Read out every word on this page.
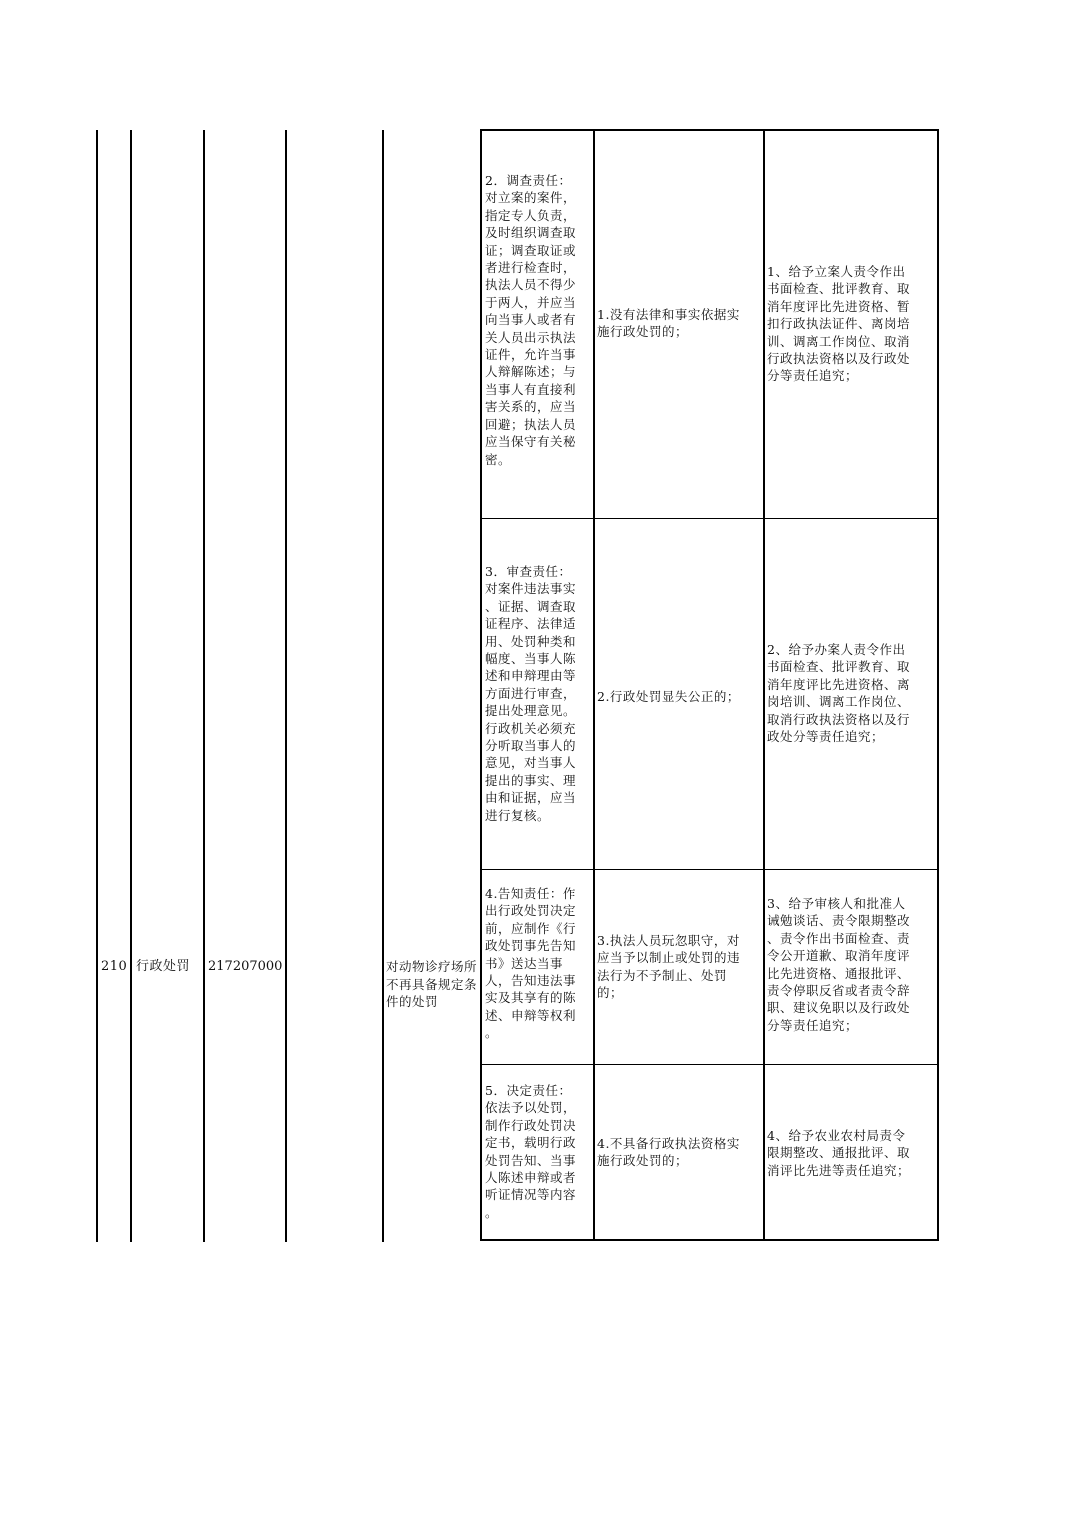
210 行政处罚	217207000	对动物诊疗场所不再具备规定条件的处罚

2．调查责任：
对立案的案件，
指定专人负责，
及时组织调查取
证；调查取证或
者进行检查时，
执法人员不得少
于两人，并应当
向当事人或者有
关人员出示执法
证件，允许当事
人辩解陈述；与
当事人有直接利
害关系的，应当
回避；执法人员
应当保守有关秘
密。
1.没有法律和事实依据实
施行政处罚的；
1、给予立案人责令作出
书面检查、批评教育、取
消年度评比先进资格、暂
扣行政执法证件、离岗培
训、调离工作岗位、取消
行政执法资格以及行政处
分等责任追究；
3．审查责任：
对案件违法事实
、证据、调查取
证程序、法律适
用、处罚种类和
幅度、当事人陈
述和申辩理由等
方面进行审查，
提出处理意见。
行政机关必须充
分听取当事人的
意见，对当事人
提出的事实、理
由和证据，应当
进行复核。
2.行政处罚显失公正的；
2、给予办案人责令作出
书面检查、批评教育、取
消年度评比先进资格、离
岗培训、调离工作岗位、
取消行政执法资格以及行
政处分等责任追究；
4.告知责任：作
出行政处罚决定
前，应制作《行
政处罚事先告知
书》送达当事
人，告知违法事
实及其享有的陈
述、申辩等权利
。
3.执法人员玩忽职守，对
应当予以制止或处罚的违
法行为不予制止、处罚
的；
3、给予审核人和批准人
诫勉谈话、责令限期整改
、责令作出书面检查、责
令公开道歉、取消年度评
比先进资格、通报批评、
责令停职反省或者责令辞
职、建议免职以及行政处
分等责任追究；
5．决定责任：
依法予以处罚，
制作行政处罚决
定书，载明行政
处罚告知、当事
人陈述申辩或者
听证情况等内容
。
4.不具备行政执法资格实
施行政处罚的；
4、给予农业农村局责令
限期整改、通报批评、取
消评比先进等责任追究；
